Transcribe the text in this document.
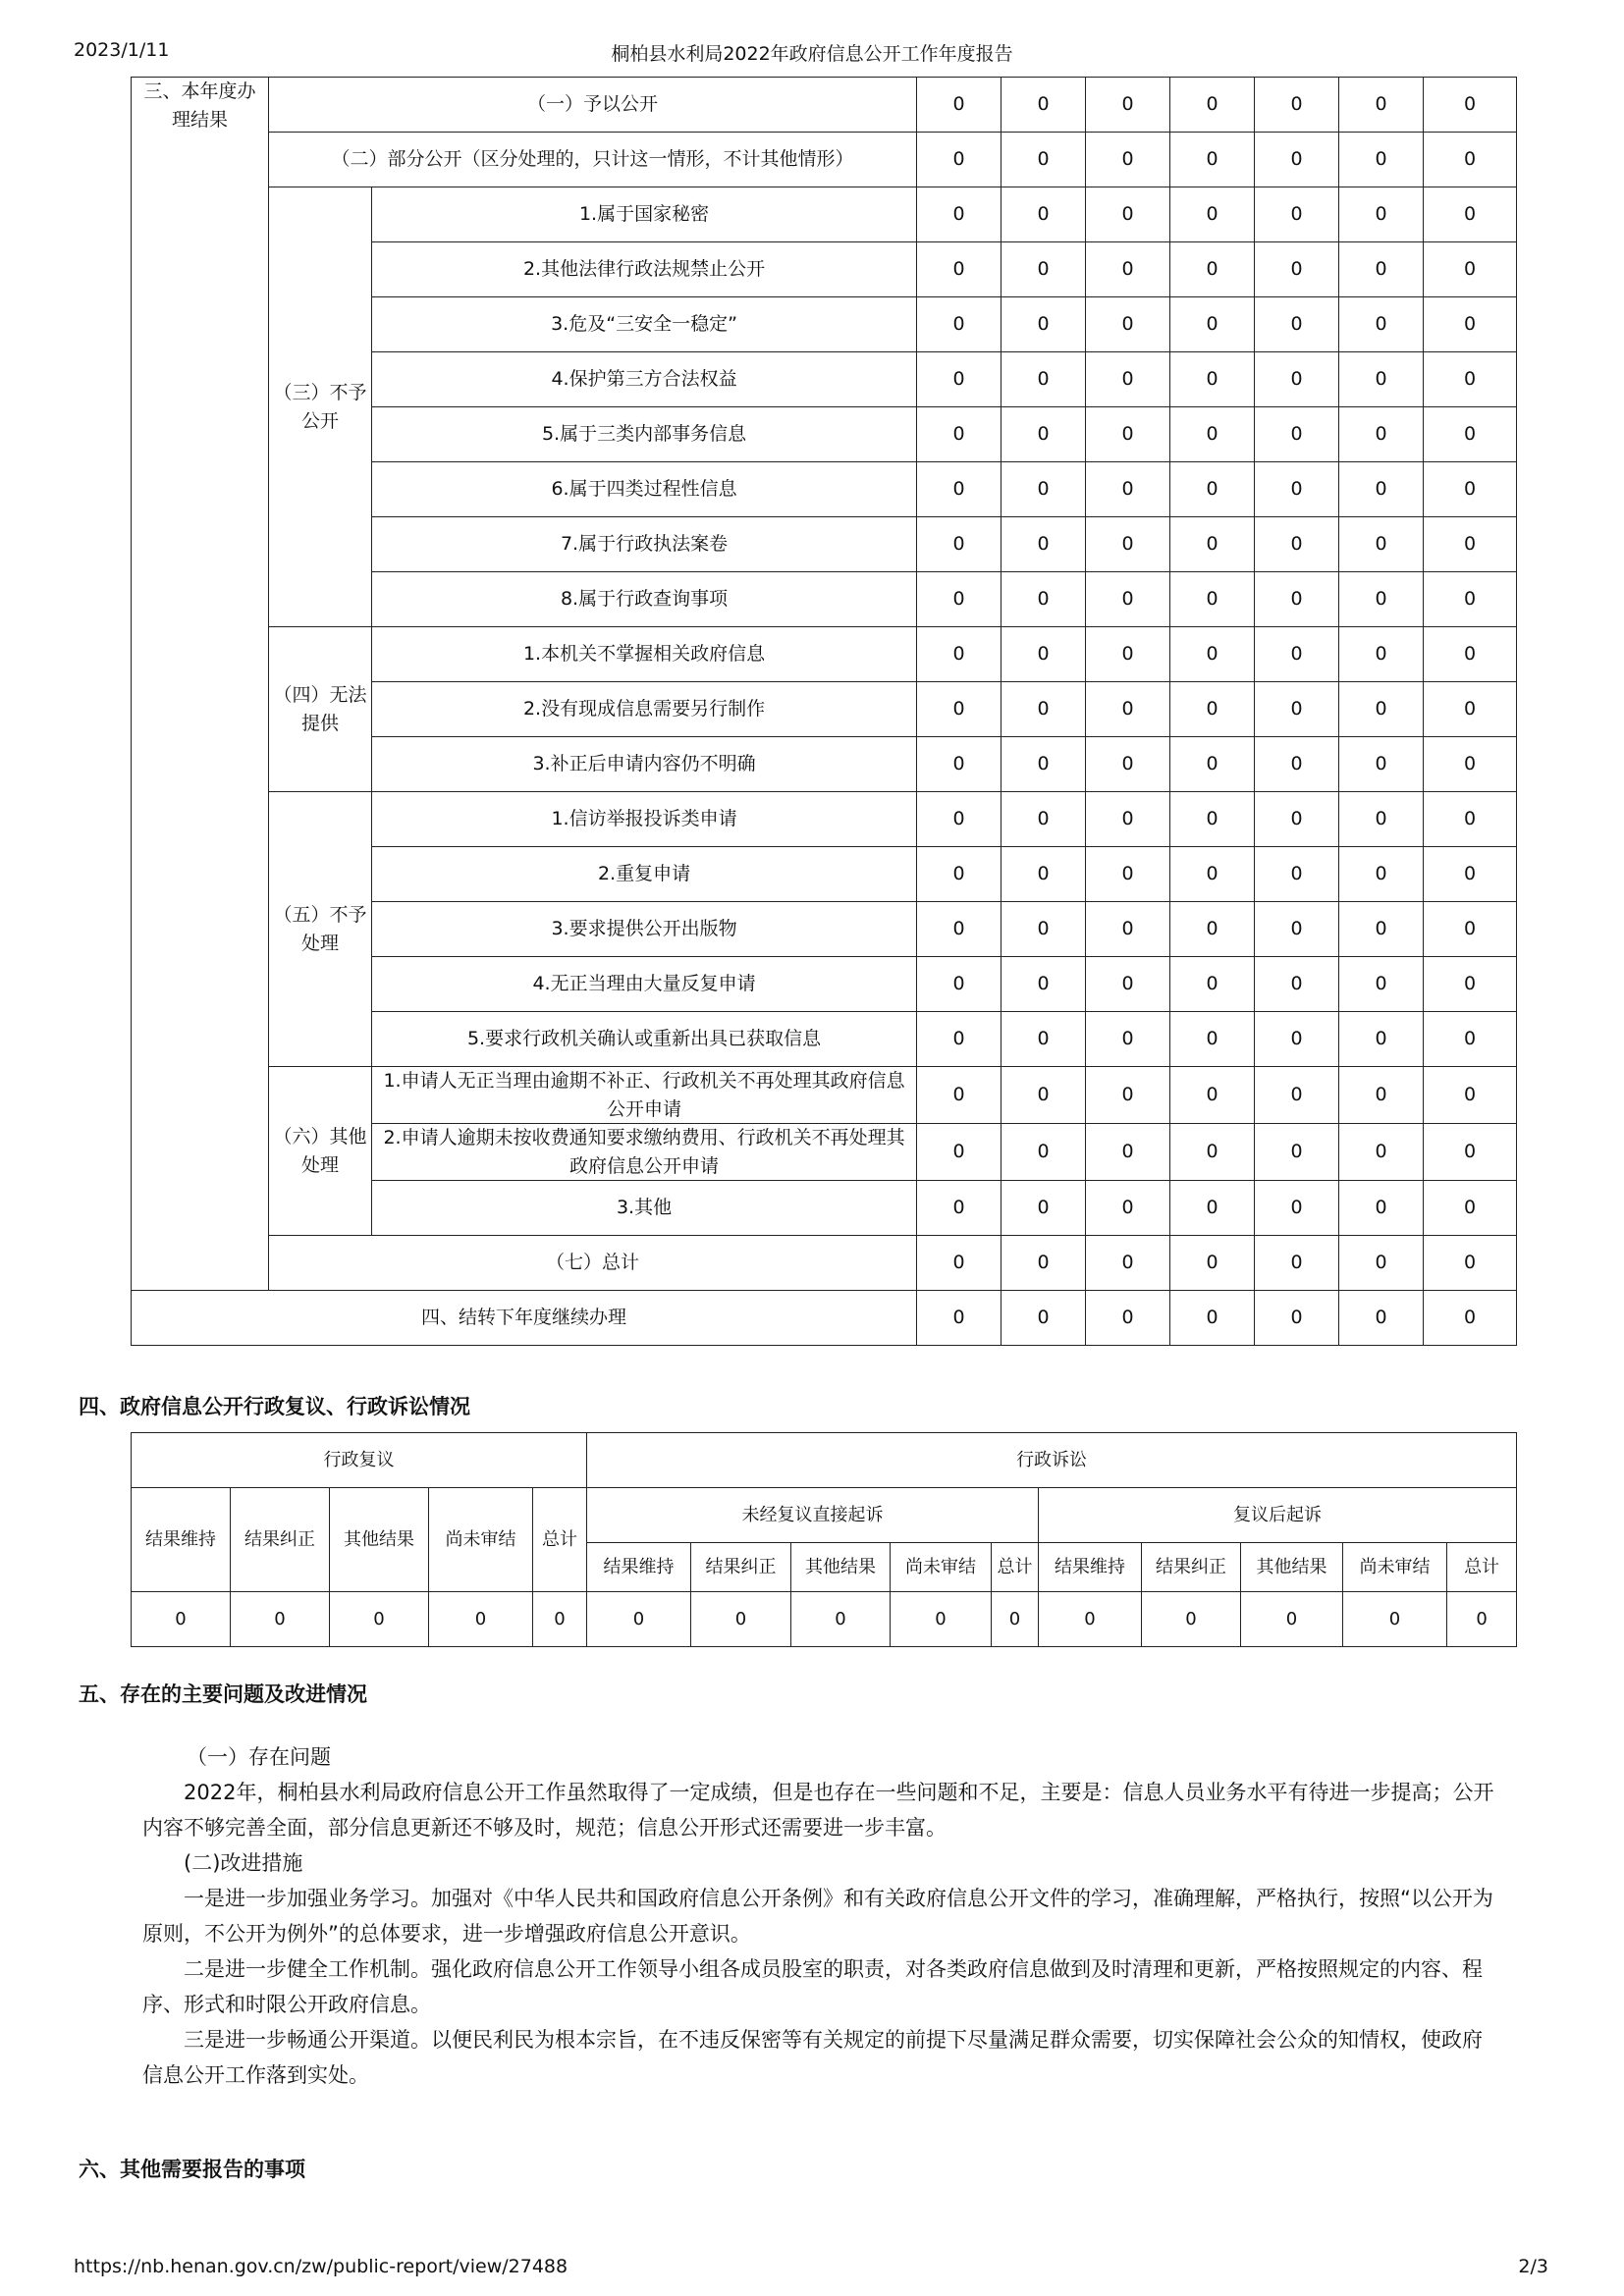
2023/1/11	桐柏县水利局2022年政府信息公开工作年度报告
三、本年度办理结果	（一）予以公开		0	0	0	0	0	0	0
	（二）部分公开（区分处理的，只计这一情形，不计其他情形）		0	0	0	0	0	0	0
	（三）不予公开	1.属于国家秘密	0	0	0	0	0	0	0
		2.其他法律行政法规禁止公开	0	0	0	0	0	0	0
		3.危及“三安全一稳定”	0	0	0	0	0	0	0
		4.保护第三方合法权益	0	0	0	0	0	0	0
		5.属于三类内部事务信息	0	0	0	0	0	0	0
		6.属于四类过程性信息	0	0	0	0	0	0	0
		7.属于行政执法案卷	0	0	0	0	0	0	0
		8.属于行政查询事项	0	0	0	0	0	0	0
	（四）无法提供	1.本机关不掌握相关政府信息	0	0	0	0	0	0	0
		2.没有现成信息需要另行制作	0	0	0	0	0	0	0
		3.补正后申请内容仍不明确	0	0	0	0	0	0	0
	（五）不予处理	1.信访举报投诉类申请	0	0	0	0	0	0	0
		2.重复申请	0	0	0	0	0	0	0
		3.要求提供公开出版物	0	0	0	0	0	0	0
		4.无正当理由大量反复申请	0	0	0	0	0	0	0
		5.要求行政机关确认或重新出具已获取信息	0	0	0	0	0	0	0
	（六）其他处理	1.申请人无正当理由逾期不补正、行政机关不再处理其政府信息公开申请	0	0	0	0	0	0	0
		2.申请人逾期未按收费通知要求缴纳费用、行政机关不再处理其政府信息公开申请	0	0	0	0	0	0	0
		3.其他	0	0	0	0	0	0	0
	（七）总计		0	0	0	0	0	0	0
四、结转下年度继续办理			0	0	0	0	0	0	0
四、政府信息公开行政复议、行政诉讼情况
行政复议					行政诉讼									
结果维持	结果纠正	其他结果	尚未审结	总计	未经复议直接起诉					复议后起诉				
					结果维持	结果纠正	其他结果	尚未审结	总计	结果维持	结果纠正	其他结果	尚未审结	总计
0	0	0	0	0	0	0	0	0	0	0	0	0	0	0
五、存在的主要问题及改进情况
（一）存在问题
2022年，桐柏县水利局政府信息公开工作虽然取得了一定成绩，但是也存在一些问题和不足，主要是：信息人员业务水平有待进一步提高；公开内容不够完善全面，部分信息更新还不够及时，规范；信息公开形式还需要进一步丰富。
(二)改进措施
一是进一步加强业务学习。加强对《中华人民共和国政府信息公开条例》和有关政府信息公开文件的学习，准确理解，严格执行，按照“以公开为原则，不公开为例外”的总体要求，进一步增强政府信息公开意识。
二是进一步健全工作机制。强化政府信息公开工作领导小组各成员股室的职责，对各类政府信息做到及时清理和更新，严格按照规定的内容、程序、形式和时限公开政府信息。
三是进一步畅通公开渠道。以便民利民为根本宗旨，在不违反保密等有关规定的前提下尽量满足群众需要，切实保障社会公众的知情权，使政府信息公开工作落到实处。
六、其他需要报告的事项
https://nb.henan.gov.cn/zw/public-report/view/27488	2/3
